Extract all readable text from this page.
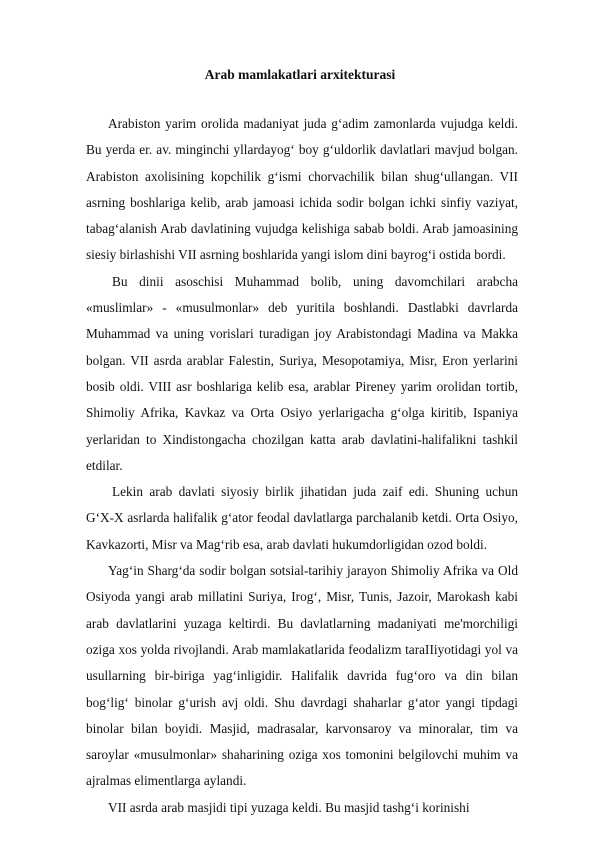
Arab mamlakatlari arxitekturasi

Arabiston yarim orolida madaniyat juda g‘adim zamonlarda vujudga keldi. Bu yerda er. av. minginchi yllardayog‘ boy g‘uldorlik davlatlari mavjud bolgan. Arabiston axolisining kopchilik g‘ismi chorvachilik bilan shug‘ullangan. VII asrning boshlariga kelib, arab jamoasi ichida sodir bolgan ichki sinfiy vaziyat, tabag‘alanish Arab davlatining vujudga kelishiga sabab boldi. Arab jamoasining siesiy birlashishi VII asrning boshlarida yangi islom dini bayrog‘i ostida bordi.

Bu dinii asoschisi Muhammad bolib, uning davomchilari arabcha «muslimlar» - «musulmonlar» deb yuritila boshlandi. Dastlabki davrlarda Muhammad va uning vorislari turadigan joy Arabistondagi Madina va Makka bolgan. VII asrda arablar Falestin, Suriya, Mesopotamiya, Misr, Eron yerlarini bosib oldi. VIII asr boshlariga kelib esa, arablar Pireney yarim orolidan tortib, Shimoliy Afrika, Kavkaz va Orta Osiyo yerlarigacha g‘olga kiritib, Ispaniya yerlaridan to Xindistongacha chozilgan katta arab davlatini-halifalikni tashkil etdilar.

Lekin arab davlati siyosiy birlik jihatidan juda zaif edi. Shuning uchun G‘X-X asrlarda halifalik g‘ator feodal davlatlarga parchalanib ketdi. Orta Osiyo, Kavkazorti, Misr va Mag‘rib esa, arab davlati hukumdorligidan ozod boldi.

Yag‘in Sharg‘da sodir bolgan sotsial-tarihiy jarayon Shimoliy Afrika va Old Osiyoda yangi arab millatini Suriya, Irog‘, Misr, Tunis, Jazoir, Marokash kabi arab davlatlarini yuzaga keltirdi. Bu davlatlarning madaniyati me'morchiligi oziga xos yolda rivojlandi. Arab mamlakatlarida feodalizm taraIIiyotidagi yol va usullarning bir-biriga yag‘inligidir. Halifalik davrida fug‘oro va din bilan bog‘lig‘ binolar g‘urish avj oldi. Shu davrdagi shaharlar g‘ator yangi tipdagi binolar bilan boyidi. Masjid, madrasalar, karvonsaroy va minoralar, tim va saroylar «musulmonlar» shaharining oziga xos tomonini belgilovchi muhim va ajralmas elimentlarga aylandi.

VII asrda arab masjidi tipi yuzaga keldi. Bu masjid tashg‘i korinishi
